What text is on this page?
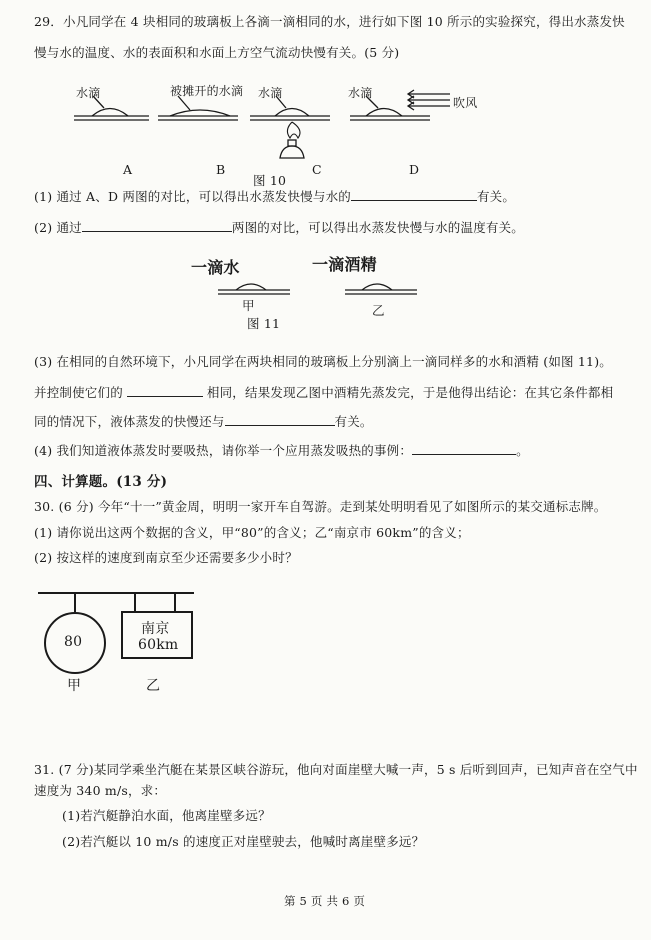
29．小凡同学在 4 块相同的玻璃板上各滴一滴相同的水，进行如下图 10 所示的实验探究，得出水蒸发快
慢与水的温度、水的表面积和水面上方空气流动快慢有关。(5 分)
水滴	被摊开的水滴 水滴	水滴
吹风
A	B	C	D
图 10
(1) 通过 A、D 两图的对比，可以得出水蒸发快慢与水的	有关。
(2) 通过	两图的对比，可以得出水蒸发快慢与水的温度有关。
一滴水	一滴酒精
甲	乙
图 11
(3) 在相同的自然环境下，小凡同学在两块相同的玻璃板上分别滴上一滴同样多的水和酒精 (如图 11)。
并控制使它们的	相同，结果发现乙图中酒精先蒸发完，于是他得出结论：在其它条件都相
同的情况下，液体蒸发的快慢还与	有关。
(4) 我们知道液体蒸发时要吸热，请你举一个应用蒸发吸热的事例：	。
四、计算题。(13 分)
30. (6 分) 今年“十一”黄金周，明明一家开车自驾游。走到某处明明看见了如图所示的某交通标志牌。
(1) 请你说出这两个数据的含义，甲“80”的含义；乙“南京市 60km”的含义；
(2) 按这样的速度到南京至少还需要多少小时？
80
南京
60km
甲	乙
31. (7 分)某同学乘坐汽艇在某景区峡谷游玩，他向对面崖壁大喊一声，5 s 后听到回声，已知声音在空气中
速度为 340 m/s，求：
(1)若汽艇静泊水面，他离崖壁多远？
(2)若汽艇以 10 m/s 的速度正对崖壁驶去，他喊时离崖壁多远？
第 5 页 共 6 页
